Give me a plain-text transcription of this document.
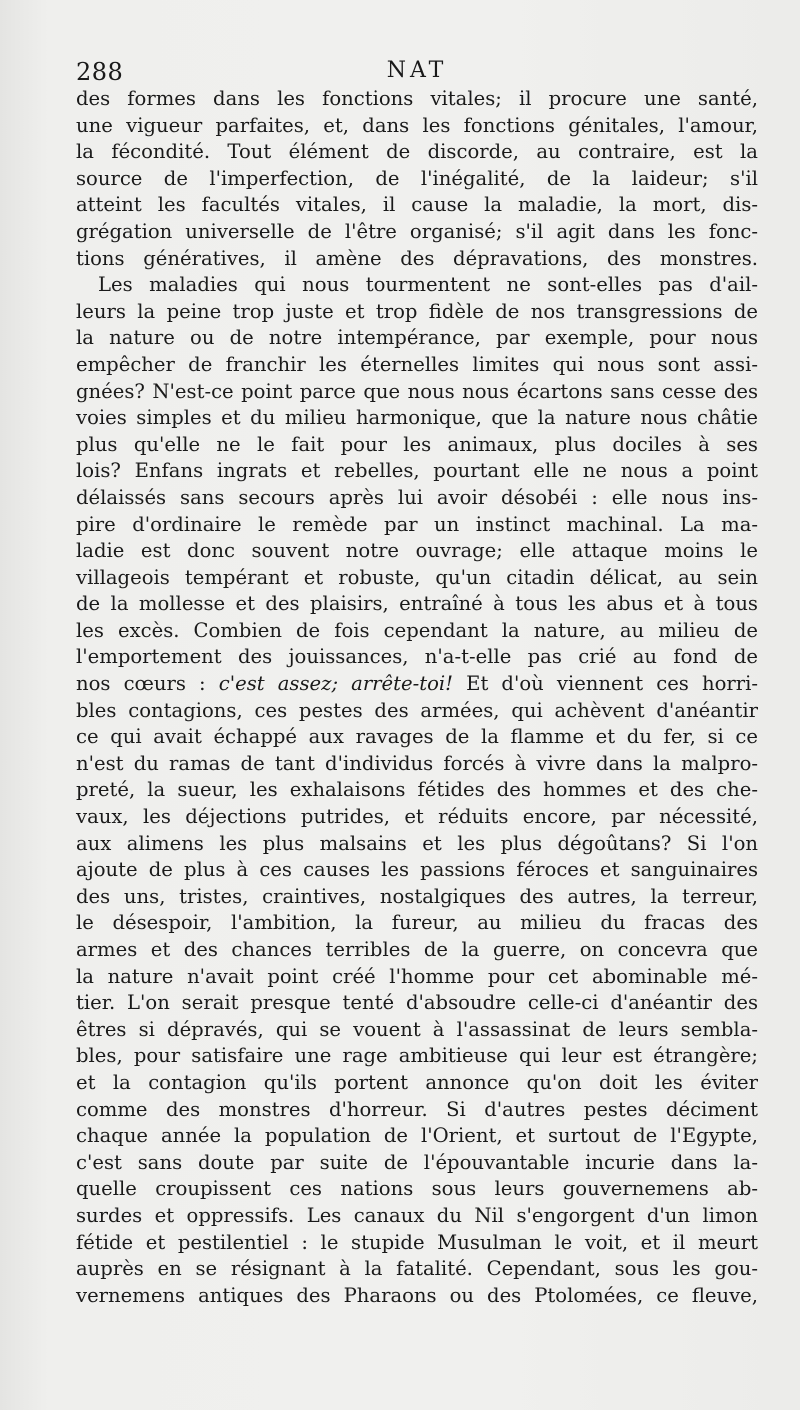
288	NAT
des formes dans les fonctions vitales; il procure une santé,
une vigueur parfaites, et, dans les fonctions génitales, l'amour,
la fécondité. Tout élément de discorde, au contraire, est la
source de l'imperfection, de l'inégalité, de la laideur; s'il
atteint les facultés vitales, il cause la maladie, la mort, dis-
grégation universelle de l'être organisé; s'il agit dans les fonc-
tions génératives, il amène des dépravations, des monstres.
Les maladies qui nous tourmentent ne sont-elles pas d'ail-
leurs la peine trop juste et trop fidèle de nos transgressions de
la nature ou de notre intempérance, par exemple, pour nous
empêcher de franchir les éternelles limites qui nous sont assi-
gnées? N'est-ce point parce que nous nous écartons sans cesse des
voies simples et du milieu harmonique, que la nature nous châtie
plus qu'elle ne le fait pour les animaux, plus dociles à ses
lois? Enfans ingrats et rebelles, pourtant elle ne nous a point
délaissés sans secours après lui avoir désobéi : elle nous ins-
pire d'ordinaire le remède par un instinct machinal. La ma-
ladie est donc souvent notre ouvrage; elle attaque moins le
villageois tempérant et robuste, qu'un citadin délicat, au sein
de la mollesse et des plaisirs, entraîné à tous les abus et à tous
les excès. Combien de fois cependant la nature, au milieu de
l'emportement des jouissances, n'a-t-elle pas crié au fond de
nos cœurs : c'est assez; arrête-toi! Et d'où viennent ces horri-
bles contagions, ces pestes des armées, qui achèvent d'anéantir
ce qui avait échappé aux ravages de la flamme et du fer, si ce
n'est du ramas de tant d'individus forcés à vivre dans la malpro-
preté, la sueur, les exhalaisons fétides des hommes et des che-
vaux, les déjections putrides, et réduits encore, par nécessité,
aux alimens les plus malsains et les plus dégoûtans? Si l'on
ajoute de plus à ces causes les passions féroces et sanguinaires
des uns, tristes, craintives, nostalgiques des autres, la terreur,
le désespoir, l'ambition, la fureur, au milieu du fracas des
armes et des chances terribles de la guerre, on concevra que
la nature n'avait point créé l'homme pour cet abominable mé-
tier. L'on serait presque tenté d'absoudre celle-ci d'anéantir des
êtres si dépravés, qui se vouent à l'assassinat de leurs sembla-
bles, pour satisfaire une rage ambitieuse qui leur est étrangère;
et la contagion qu'ils portent annonce qu'on doit les éviter
comme des monstres d'horreur. Si d'autres pestes déciment
chaque année la population de l'Orient, et surtout de l'Egypte,
c'est sans doute par suite de l'épouvantable incurie dans la-
quelle croupissent ces nations sous leurs gouvernemens ab-
surdes et oppressifs. Les canaux du Nil s'engorgent d'un limon
fétide et pestilentiel : le stupide Musulman le voit, et il meurt
auprès en se résignant à la fatalité. Cependant, sous les gou-
vernemens antiques des Pharaons ou des Ptolomées, ce fleuve,
